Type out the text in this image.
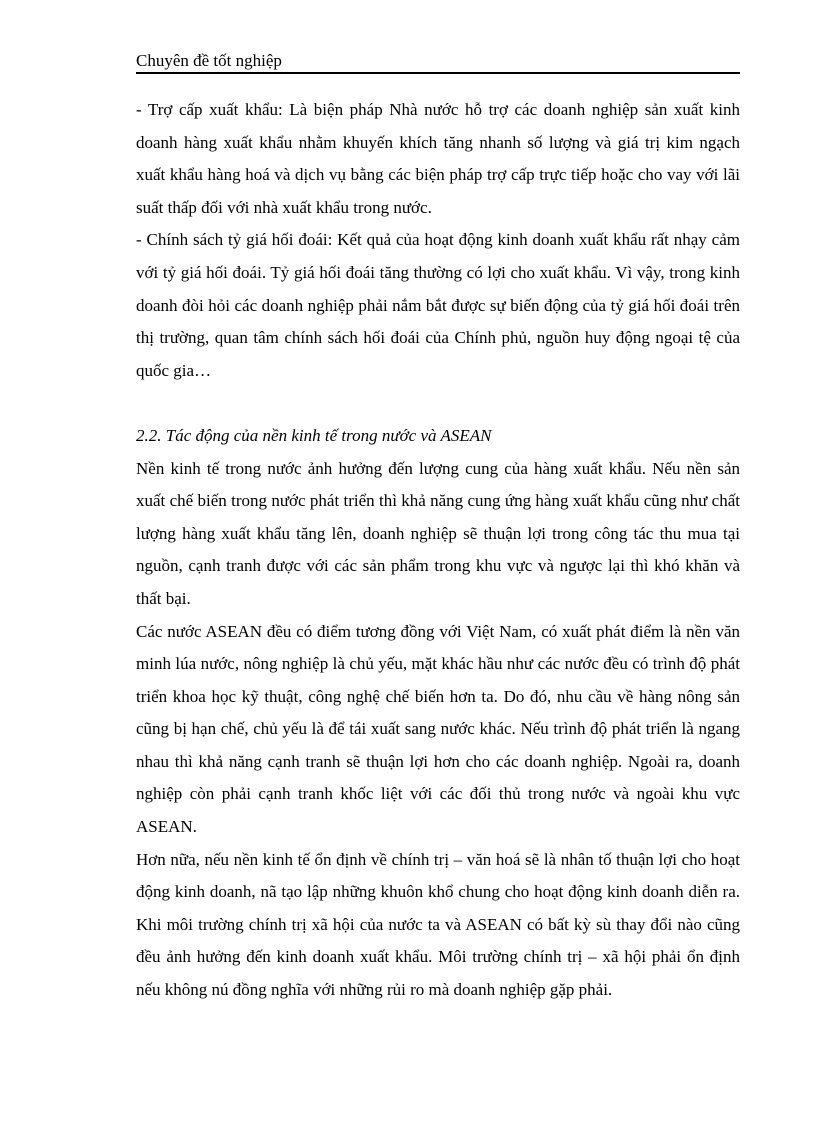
Chuyên đề tốt nghiệp

- Trợ cấp xuất khẩu: Là biện pháp Nhà nước hỗ trợ các doanh nghiệp sản xuất kinh doanh hàng xuất khẩu nhằm khuyến khích tăng nhanh số lượng và giá trị kim ngạch xuất khẩu hàng hoá và dịch vụ bằng các biện pháp trợ cấp trực tiếp hoặc cho vay với lãi suất thấp đối với nhà xuất khẩu trong nước.

- Chính sách tỷ giá hối đoái: Kết quả của hoạt động kinh doanh xuất khẩu rất nhạy cảm với tỷ giá hối đoái. Tỷ giá hối đoái tăng thường có lợi cho xuất khẩu. Vì vậy, trong kinh doanh đòi hỏi các doanh nghiệp phải nắm bắt được sự biến động của tỷ giá hối đoái trên thị trường, quan tâm chính sách hối đoái của Chính phủ, nguồn huy động ngoại tệ của quốc gia…

2.2. Tác động của nền kinh tế trong nước và ASEAN

Nền kinh tế trong nước ảnh hưởng đến lượng cung của hàng xuất khẩu. Nếu nền sản xuất chế biến trong nước phát triển thì khả năng cung ứng hàng xuất khẩu cũng như chất lượng hàng xuất khẩu tăng lên, doanh nghiệp sẽ thuận lợi trong công tác thu mua tại nguồn, cạnh tranh được với các sản phẩm trong khu vực và ngược lại thì khó khăn và thất bại.

Các nước ASEAN đều có điểm tương đồng với Việt Nam, có xuất phát điểm là nền văn minh lúa nước, nông nghiệp là chủ yếu, mặt khác hầu như các nước đều có trình độ phát triển khoa học kỹ thuật, công nghệ chế biến hơn ta. Do đó, nhu cầu về hàng nông sản cũng bị hạn chế, chủ yếu là để tái xuất sang nước khác. Nếu trình độ phát triển là ngang nhau thì khả năng cạnh tranh sẽ thuận lợi hơn cho các doanh nghiệp. Ngoài ra, doanh nghiệp còn phải cạnh tranh khốc liệt với các đối thủ trong nước và ngoài khu vực ASEAN.

Hơn nữa, nếu nền kinh tế ổn định về chính trị – văn hoá sẽ là nhân tố thuận lợi cho hoạt động kinh doanh, nã tạo lập những khuôn khổ chung cho hoạt động kinh doanh diễn ra. Khi môi trường chính trị xã hội của nước ta và ASEAN có bất kỳ sù thay đổi nào cũng đều ảnh hưởng đến kinh doanh xuất khẩu. Môi trường chính trị – xã hội phải ổn định nếu không nú đồng nghĩa với những rủi ro mà doanh nghiệp gặp phải.
